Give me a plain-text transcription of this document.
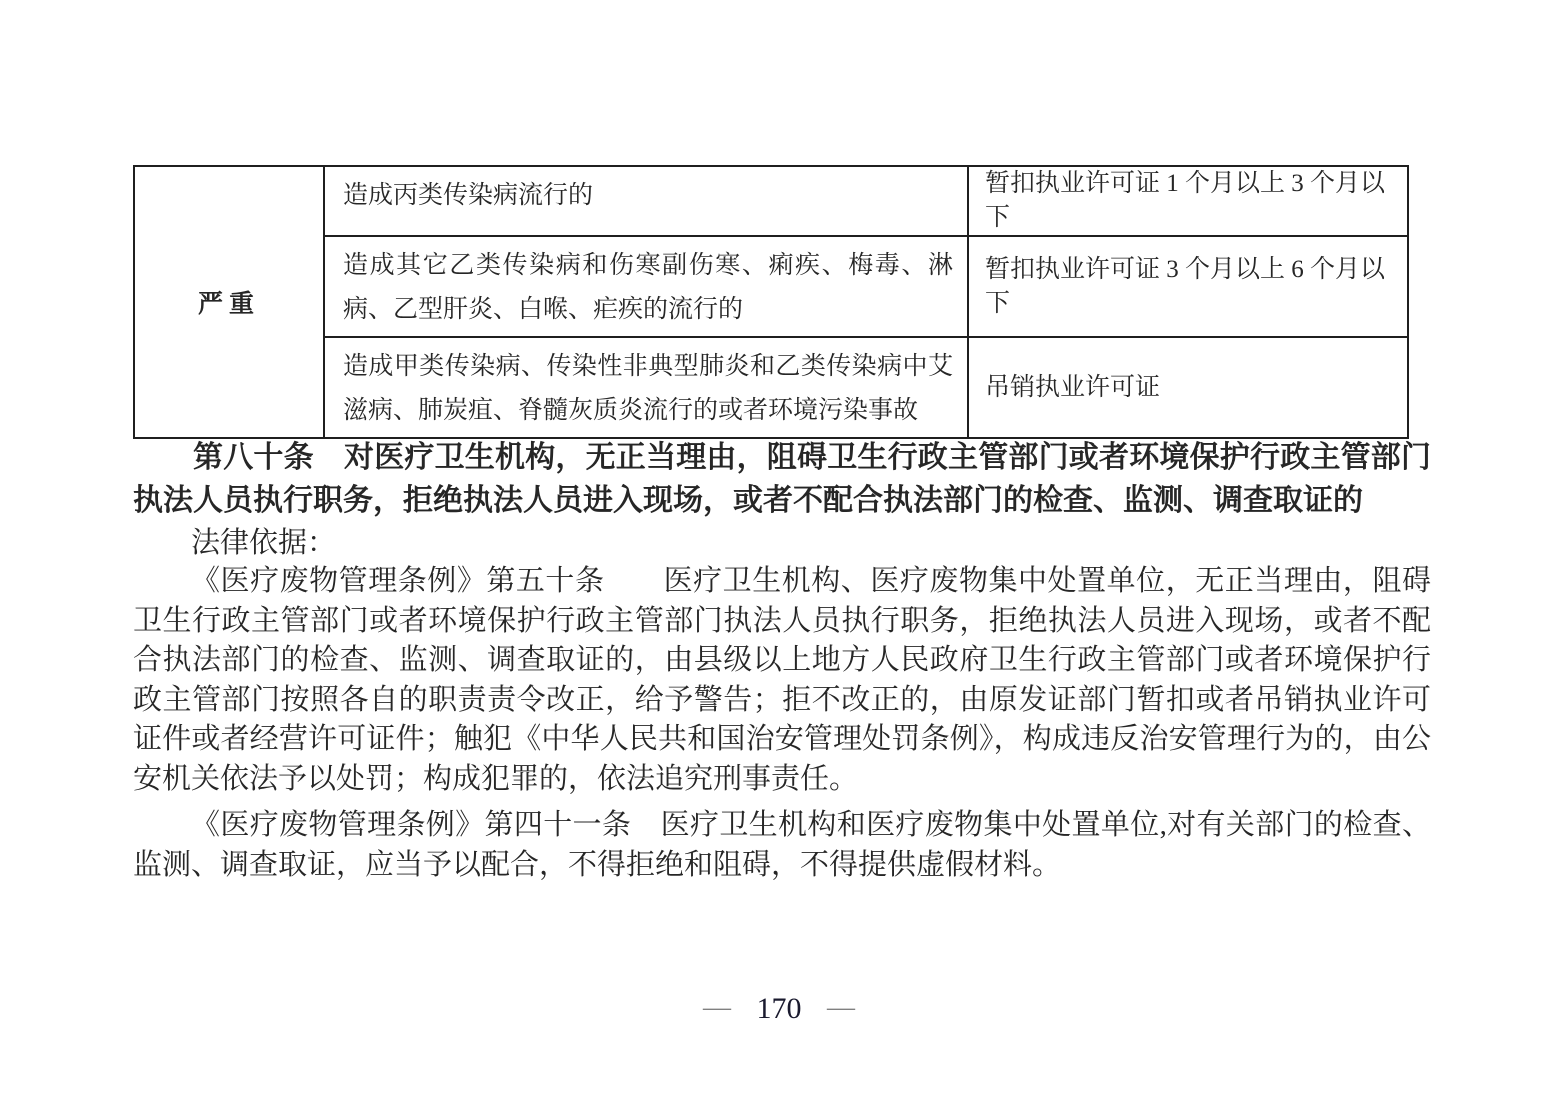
严重	造成丙类传染病流行的	暂扣执业许可证 1 个月以上 3 个月以下
	造成其它乙类传染病和伤寒副伤寒、痢疾、梅毒、淋病、乙型肝炎、白喉、疟疾的流行的	暂扣执业许可证 3 个月以上 6 个月以下
	造成甲类传染病、传染性非典型肺炎和乙类传染病中艾滋病、肺炭疽、脊髓灰质炎流行的或者环境污染事故	吊销执业许可证
第八十条　对医疗卫生机构，无正当理由，阻碍卫生行政主管部门或者环境保护行政主管部门执法人员执行职务，拒绝执法人员进入现场，或者不配合执法部门的检查、监测、调查取证的
法律依据：
《医疗废物管理条例》第五十条　　医疗卫生机构、医疗废物集中处置单位，无正当理由，阻碍卫生行政主管部门或者环境保护行政主管部门执法人员执行职务，拒绝执法人员进入现场，或者不配合执法部门的检查、监测、调查取证的，由县级以上地方人民政府卫生行政主管部门或者环境保护行政主管部门按照各自的职责责令改正，给予警告；拒不改正的，由原发证部门暂扣或者吊销执业许可证件或者经营许可证件；触犯《中华人民共和国治安管理处罚条例》，构成违反治安管理行为的，由公安机关依法予以处罚；构成犯罪的，依法追究刑事责任。
《医疗废物管理条例》第四十一条　医疗卫生机构和医疗废物集中处置单位,对有关部门的检查、监测、调查取证，应当予以配合，不得拒绝和阻碍，不得提供虚假材料。
— 170 —
